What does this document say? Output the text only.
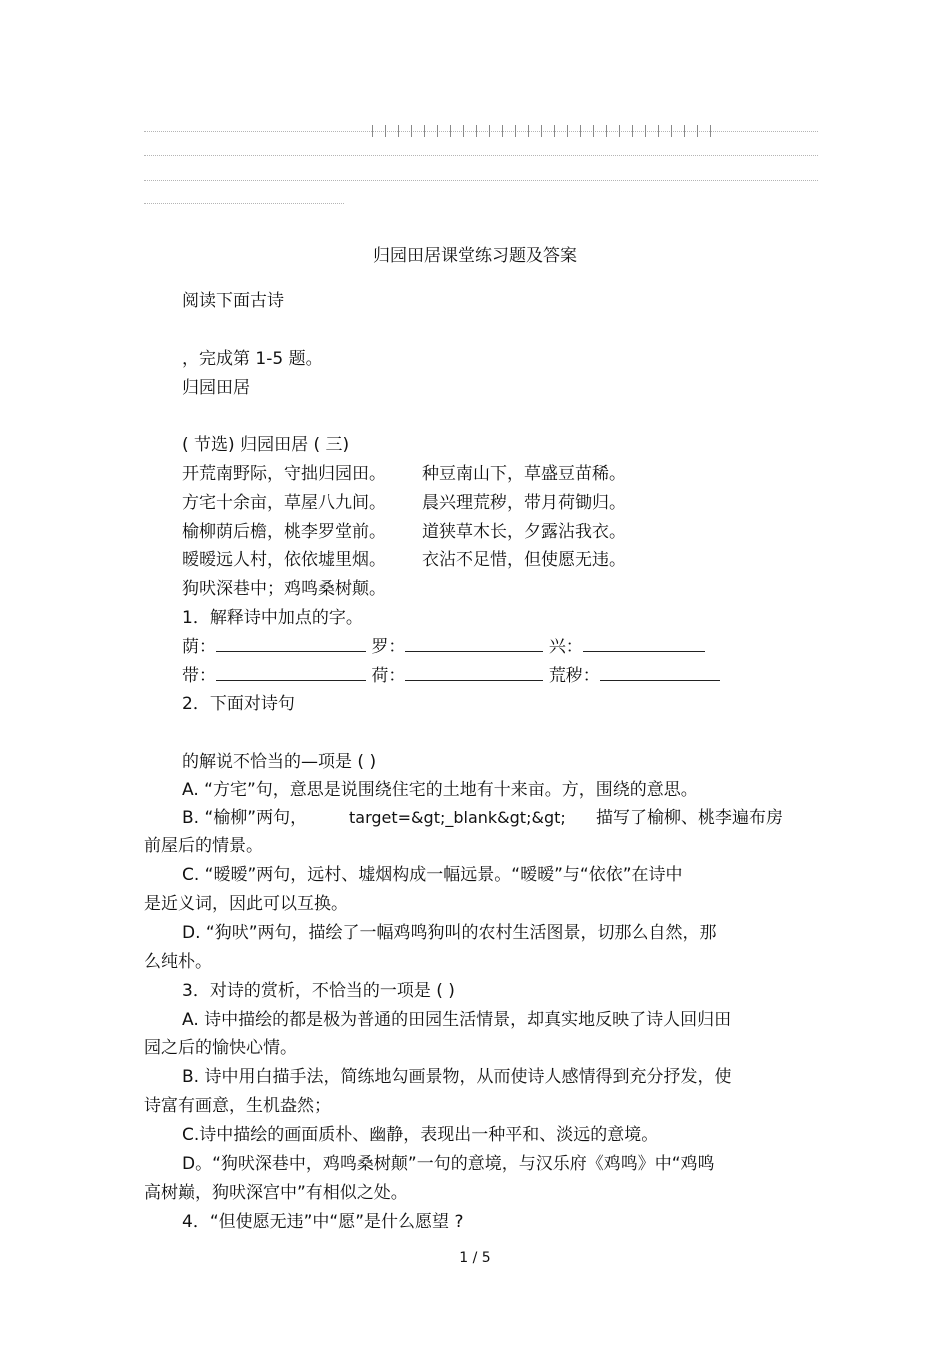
归园田居课堂练习题及答案
阅读下面古诗
，完成第 1-5 题。
归园田居
( 节选) 归园田居 ( 三)
开荒南野际，守拙归园田。 种豆南山下，草盛豆苗稀。
方宅十余亩，草屋八九间。 晨兴理荒秽，带月荷锄归。
榆柳荫后檐，桃李罗堂前。 道狭草木长，夕露沾我衣。
暧暧远人村，依依墟里烟。 衣沾不足惜，但使愿无违。
狗吠深巷中；鸡鸣桑树颠。
1．解释诗中加点的字。
荫：	罗：	兴：
带：	荷：	荒秽：
2．下面对诗句
的解说不恰当的—项是 ( )
A. “方宅”句，意思是说围绕住宅的土地有十来亩。方，围绕的意思。
B. “榆柳”两句，	target=&gt;_blank&gt;&gt; 描写了榆柳、桃李遍布房
前屋后的情景。
C. “暧暧”两句，远村、墟烟构成一幅远景。“暧暧”与“依依”在诗中
是近义词，因此可以互换。
D. “狗吠”两句，描绘了一幅鸡鸣狗叫的农村生活图景，切那么自然，那
么纯朴。
3．对诗的赏析，不恰当的一项是 ( )
A. 诗中描绘的都是极为普通的田园生活情景，却真实地反映了诗人回归田
园之后的愉快心情。
B. 诗中用白描手法，简练地勾画景物，从而使诗人感情得到充分抒发，使
诗富有画意，生机盎然；
C.诗中描绘的画面质朴、幽静，表现出一种平和、淡远的意境。
D。“狗吠深巷中，鸡鸣桑树颠”一句的意境，与汉乐府《鸡鸣》中“鸡鸣
高树巅，狗吠深宫中”有相似之处。
4．“但使愿无违”中“愿”是什么愿望 ?
1 / 5
